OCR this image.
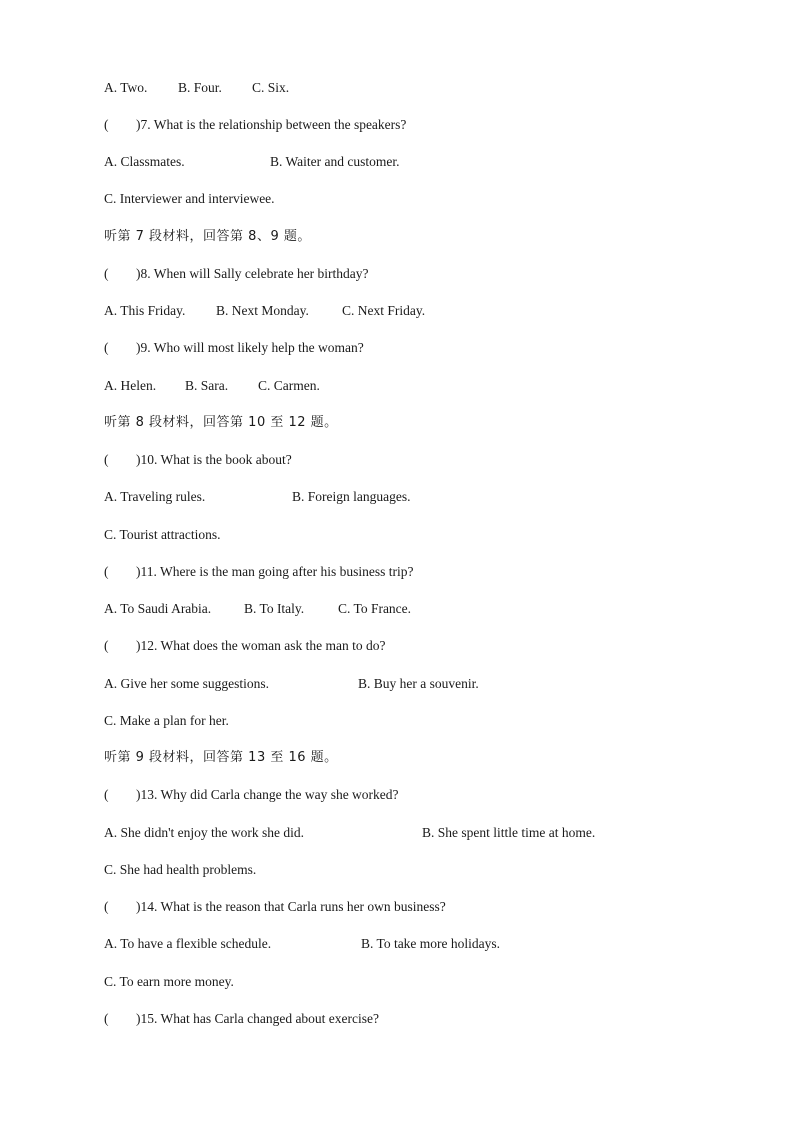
A. Two. B. Four. C. Six.
( )7. What is the relationship between the speakers?
A. Classmates.	B. Waiter and customer.
C. Interviewer and interviewee.
听第 7 段材料，回答第 8、9 题。
( )8. When will Sally celebrate her birthday?
A. This Friday. B. Next Monday. C. Next Friday.
( )9. Who will most likely help the woman?
A. Helen. B. Sara. C. Carmen.
听第 8 段材料，回答第 10 至 12 题。
( )10. What is the book about?
A. Traveling rules.	B. Foreign languages.
C. Tourist attractions.
( )11. Where is the man going after his business trip?
A. To Saudi Arabia. B. To Italy.	C. To France.
( )12. What does the woman ask the man to do?
A. Give her some suggestions.	B. Buy her a souvenir.
C. Make a plan for her.
听第 9 段材料，回答第 13 至 16 题。
( )13. Why did Carla change the way she worked?
A. She didn't enjoy the work she did.	B. She spent little time at home.
C. She had health problems.
( )14. What is the reason that Carla runs her own business?
A. To have a flexible schedule.	B. To take more holidays.
C. To earn more money.
( )15. What has Carla changed about exercise?
